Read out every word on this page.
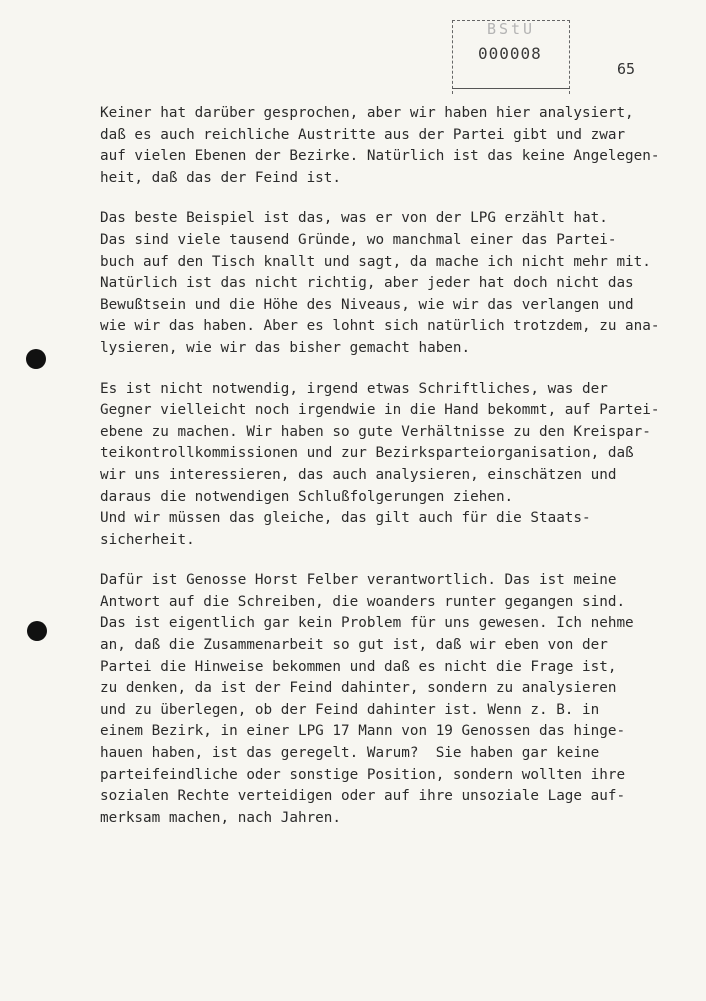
BStU
000008
65
Keiner hat darüber gesprochen, aber wir haben hier analysiert,
daß es auch reichliche Austritte aus der Partei gibt und zwar
auf vielen Ebenen der Bezirke. Natürlich ist das keine Angelegen-
heit, daß das der Feind ist.
Das beste Beispiel ist das, was er von der LPG erzählt hat.
Das sind viele tausend Gründe, wo manchmal einer das Partei-
buch auf den Tisch knallt und sagt, da mache ich nicht mehr mit.
Natürlich ist das nicht richtig, aber jeder hat doch nicht das
Bewußtsein und die Höhe des Niveaus, wie wir das verlangen und
wie wir das haben. Aber es lohnt sich natürlich trotzdem, zu ana-
lysieren, wie wir das bisher gemacht haben.
Es ist nicht notwendig, irgend etwas Schriftliches, was der
Gegner vielleicht noch irgendwie in die Hand bekommt, auf Partei-
ebene zu machen. Wir haben so gute Verhältnisse zu den Kreispar-
teikontrollkommissionen und zur Bezirksparteiorganisation, daß
wir uns interessieren, das auch analysieren, einschätzen und
daraus die notwendigen Schlußfolgerungen ziehen.
Und wir müssen das gleiche, das gilt auch für die Staats-
sicherheit.
Dafür ist Genosse Horst Felber verantwortlich. Das ist meine
Antwort auf die Schreiben, die woanders runter gegangen sind.
Das ist eigentlich gar kein Problem für uns gewesen. Ich nehme
an, daß die Zusammenarbeit so gut ist, daß wir eben von der
Partei die Hinweise bekommen und daß es nicht die Frage ist,
zu denken, da ist der Feind dahinter, sondern zu analysieren
und zu überlegen, ob der Feind dahinter ist. Wenn z. B. in
einem Bezirk, in einer LPG 17 Mann von 19 Genossen das hinge-
hauen haben, ist das geregelt. Warum?  Sie haben gar keine
parteifeindliche oder sonstige Position, sondern wollten ihre
sozialen Rechte verteidigen oder auf ihre unsoziale Lage auf-
merksam machen, nach Jahren.
